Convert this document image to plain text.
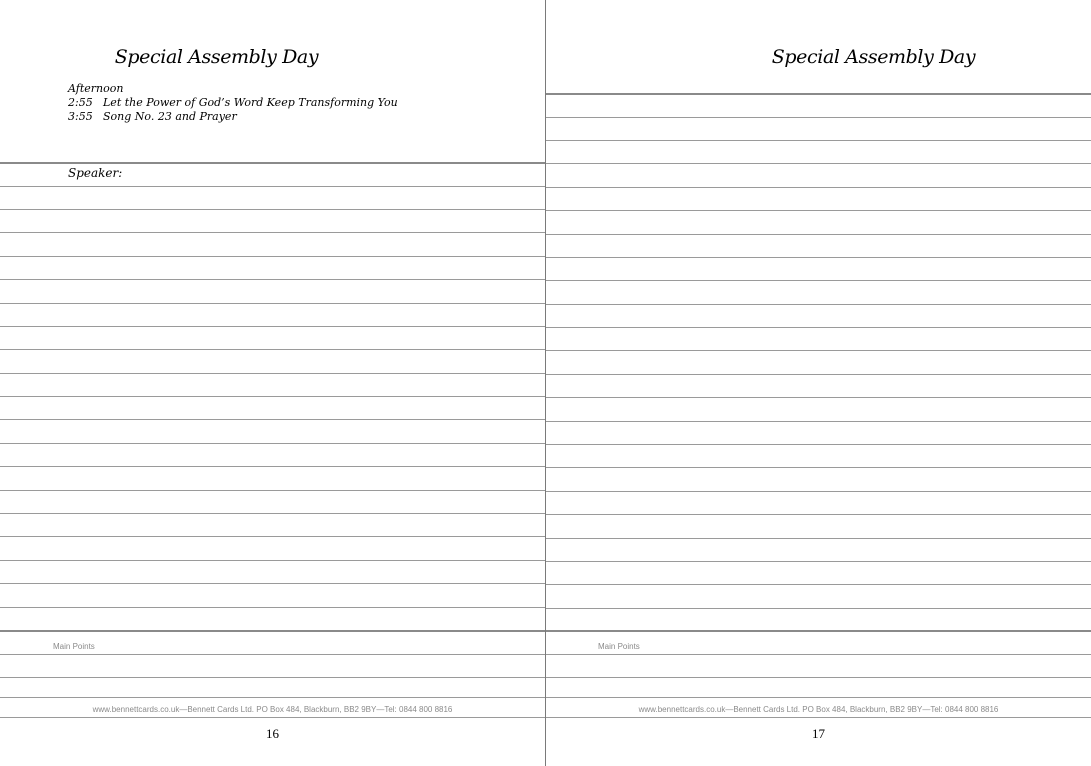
Special Assembly Day
Afternoon
2:55 Let the Power of God’s Word Keep Transforming You
3:55 Song No. 23 and Prayer
Speaker:
Main Points
www.bennettcards.co.uk—Bennett Cards Ltd. PO Box 484, Blackburn, BB2 9BY—Tel: 0844 800 8816
16
Special Assembly Day
Main Points
www.bennettcards.co.uk—Bennett Cards Ltd. PO Box 484, Blackburn, BB2 9BY—Tel: 0844 800 8816
17
